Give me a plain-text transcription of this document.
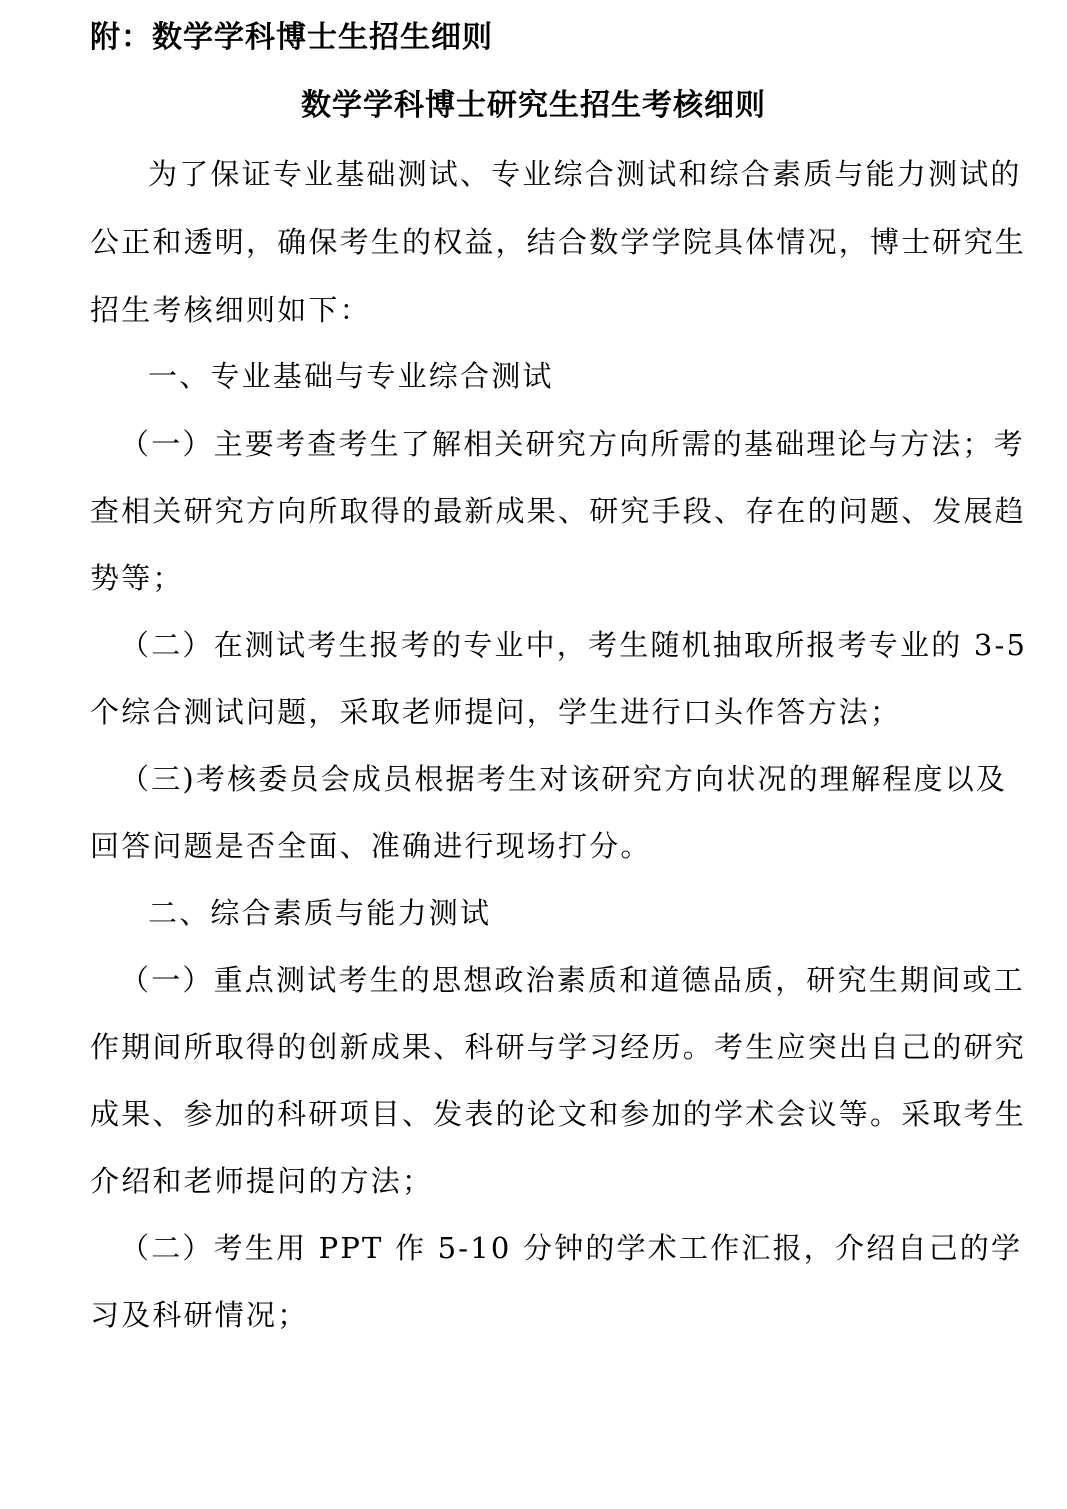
附：数学学科博士生招生细则
数学学科博士研究生招生考核细则
为了保证专业基础测试、专业综合测试和综合素质与能力测试的
公正和透明，确保考生的权益，结合数学学院具体情况，博士研究生
招生考核细则如下：
一、专业基础与专业综合测试
（一）主要考查考生了解相关研究方向所需的基础理论与方法；考
查相关研究方向所取得的最新成果、研究手段、存在的问题、发展趋
势等；
（二）在测试考生报考的专业中，考生随机抽取所报考专业的 3-5
个综合测试问题，采取老师提问，学生进行口头作答方法；
（三)考核委员会成员根据考生对该研究方向状况的理解程度以及
回答问题是否全面、准确进行现场打分。
二、综合素质与能力测试
（一）重点测试考生的思想政治素质和道德品质，研究生期间或工
作期间所取得的创新成果、科研与学习经历。考生应突出自己的研究
成果、参加的科研项目、发表的论文和参加的学术会议等。采取考生
介绍和老师提问的方法；
（二）考生用 PPT 作 5-10 分钟的学术工作汇报，介绍自己的学
习及科研情况；
